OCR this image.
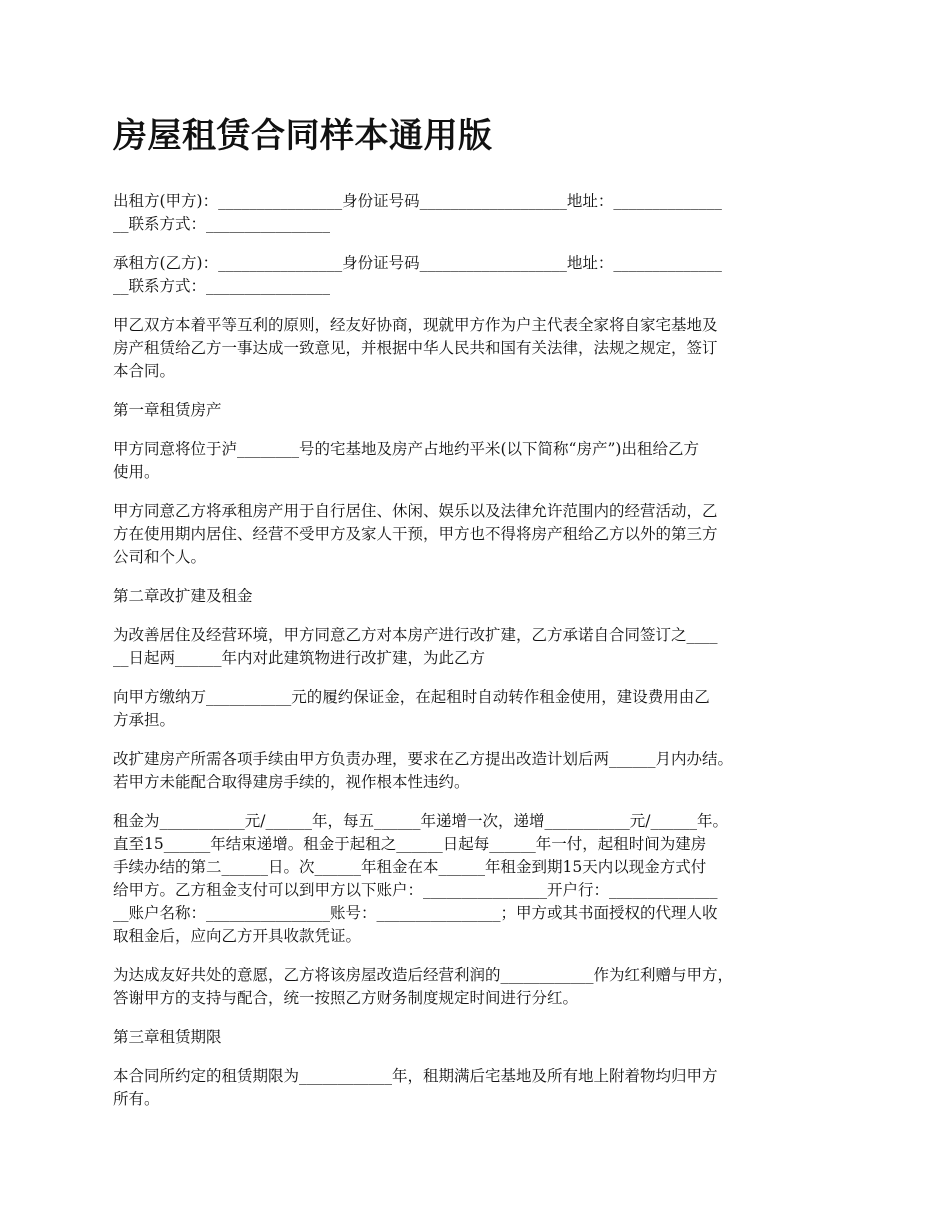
房屋租赁合同样本通用版

出租方(甲方)：________________身份证号码___________________地址：______________
__联系方式：________________

承租方(乙方)：________________身份证号码___________________地址：______________
__联系方式：________________

甲乙双方本着平等互利的原则，经友好协商，现就甲方作为户主代表全家将自家宅基地及
房产租赁给乙方一事达成一致意见，并根据中华人民共和国有关法律，法规之规定，签订
本合同。

第一章租赁房产

甲方同意将位于泸________号的宅基地及房产占地约平米(以下简称“房产”)出租给乙方
使用。

甲方同意乙方将承租房产用于自行居住、休闲、娱乐以及法律允许范围内的经营活动，乙
方在使用期内居住、经营不受甲方及家人干预，甲方也不得将房产租给乙方以外的第三方
公司和个人。

第二章改扩建及租金

为改善居住及经营环境，甲方同意乙方对本房产进行改扩建，乙方承诺自合同签订之____
__日起两______年内对此建筑物进行改扩建，为此乙方

向甲方缴纳万___________元的履约保证金，在起租时自动转作租金使用，建设费用由乙
方承担。

改扩建房产所需各项手续由甲方负责办理，要求在乙方提出改造计划后两______月内办结。
若甲方未能配合取得建房手续的，视作根本性违约。

租金为___________元/______年，每五______年递增一次，递增___________元/______年。
直至15______年结束递增。租金于起租之______日起每______年一付，起租时间为建房
手续办结的第二______日。次______年租金在本______年租金到期15天内以现金方式付
给甲方。乙方租金支付可以到甲方以下账户：________________开户行：______________
__账户名称：________________账号：________________；甲方或其书面授权的代理人收
取租金后，应向乙方开具收款凭证。

为达成友好共处的意愿，乙方将该房屋改造后经营利润的____________作为红利赠与甲方，
答谢甲方的支持与配合，统一按照乙方财务制度规定时间进行分红。

第三章租赁期限

本合同所约定的租赁期限为____________年，租期满后宅基地及所有地上附着物均归甲方
所有。
